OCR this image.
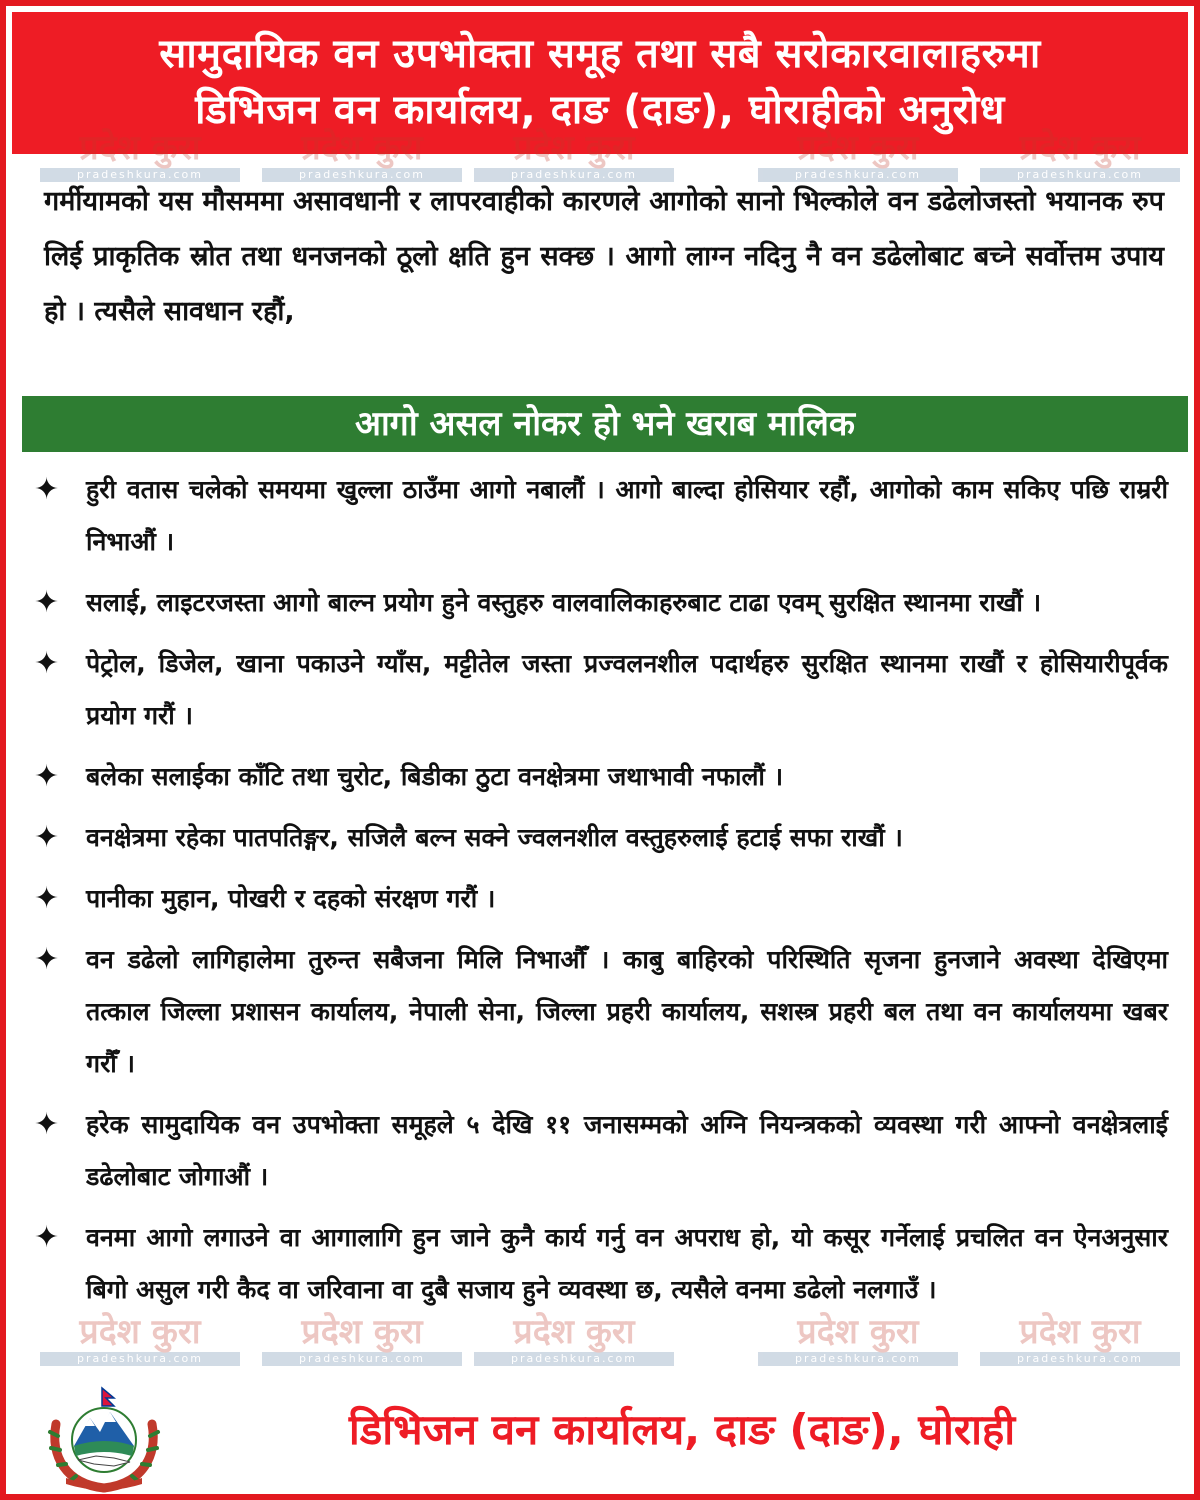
सामुदायिक वन उपभोक्ता समूह तथा सबै सरोकारवालाहरुमा
डिभिजन वन कार्यालय, दाङ (दाङ), घोराहीको अनुरोध
गर्मीयामको यस मौसममा असावधानी र लापरवाहीको कारणले आगोको सानो भिल्कोले वन डढेलोजस्तो भयानक रुप लिई प्राकृतिक स्रोत तथा धनजनको ठूलो क्षति हुन सक्छ । आगो लाग्न नदिनु नै वन डढेलोबाट बच्ने सर्वोत्तम उपाय हो । त्यसैले सावधान रहौं,
आगो असल नोकर हो भने खराब मालिक
✦ हुरी वतास चलेको समयमा खुल्ला ठाउँमा आगो नबालौं । आगो बाल्दा होसियार रहौं, आगोको काम सकिए पछि राम्ररी निभाऔं ।
✦ सलाई, लाइटरजस्ता आगो बाल्न प्रयोग हुने वस्तुहरु वालवालिकाहरुबाट टाढा एवम् सुरक्षित स्थानमा राखौं ।
✦ पेट्रोल, डिजेल, खाना पकाउने ग्याँस, मट्टीतेल जस्ता प्रज्वलनशील पदार्थहरु सुरक्षित स्थानमा राखौं र होसियारीपूर्वक प्रयोग गरौं ।
✦ बलेका सलाईका काँटि तथा चुरोट, बिडीका ठुटा वनक्षेत्रमा जथाभावी नफालौं ।
✦ वनक्षेत्रमा रहेका पातपतिङ्गर, सजिलै बल्न सक्ने ज्वलनशील वस्तुहरुलाई हटाई सफा राखौं ।
✦ पानीका मुहान, पोखरी र दहको संरक्षण गरौं ।
✦ वन डढेलो लागिहालेमा तुरुन्त सबैजना मिलि निभाऔँ । काबु बाहिरको परिस्थिति सृजना हुनजाने अवस्था देखिएमा तत्काल जिल्ला प्रशासन कार्यालय, नेपाली सेना, जिल्ला प्रहरी कार्यालय, सशस्त्र प्रहरी बल तथा वन कार्यालयमा खबर गरौँ ।
✦ हरेक सामुदायिक वन उपभोक्ता समूहले ५ देखि ११ जनासम्मको अग्नि नियन्त्रकको व्यवस्था गरी आफ्नो वनक्षेत्रलाई डढेलोबाट जोगाऔं ।
✦ वनमा आगो लगाउने वा आगालागि हुन जाने कुनै कार्य गर्नु वन अपराध हो, यो कसूर गर्नेलाई प्रचलित वन ऐनअनुसार बिगो असुल गरी कैद वा जरिवाना वा दुबै सजाय हुने व्यवस्था छ, त्यसैले वनमा डढेलो नलगाउँ ।
प्रदेश कुरा
pradeshkura.com
प्रदेश कुरा
pradeshkura.com
प्रदेश कुरा
pradeshkura.com
प्रदेश कुरा
pradeshkura.com
प्रदेश कुरा
pradeshkura.com
प्रदेश कुरा
pradeshkura.com
प्रदेश कुरा
pradeshkura.com
प्रदेश कुरा
pradeshkura.com
प्रदेश कुरा
pradeshkura.com
प्रदेश कुरा
pradeshkura.com
डिभिजन वन कार्यालय, दाङ (दाङ), घोराही
